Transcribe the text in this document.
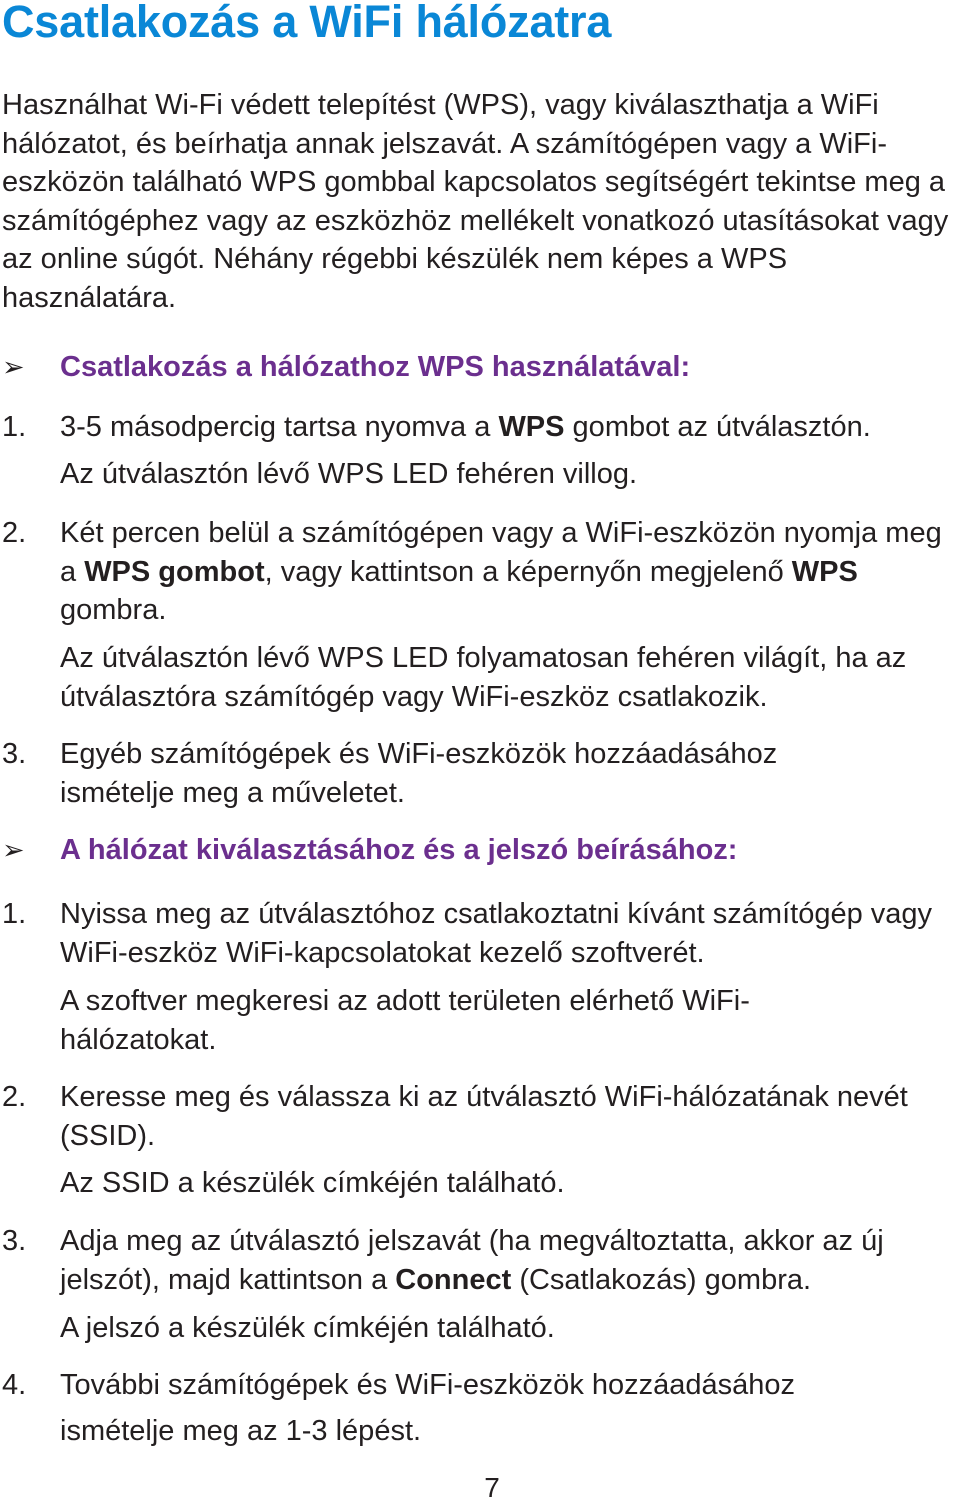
Csatlakozás a WiFi hálózatra

Használhat Wi-Fi védett telepítést (WPS), vagy kiválaszthatja a WiFi hálózatot, és beírhatja annak jelszavát. A számítógépen vagy a WiFi-eszközön található WPS gombbal kapcsolatos segítségért tekintse meg a számítógéphez vagy az eszközhöz mellékelt vonatkozó utasításokat vagy az online súgót. Néhány régebbi készülék nem képes a WPS használatára.

➢ Csatlakozás a hálózathoz WPS használatával:
1. 3-5 másodpercig tartsa nyomva a WPS gombot az útválasztón.

Az útválasztón lévő WPS LED fehéren villog.

2. Két percen belül a számítógépen vagy a WiFi-eszközön nyomja meg a WPS gombot, vagy kattintson a képernyőn megjelenő WPS gombra.

Az útválasztón lévő WPS LED folyamatosan fehéren világít, ha az útválasztóra számítógép vagy WiFi-eszköz csatlakozik.

3. Egyéb számítógépek és WiFi-eszközök hozzáadásához ismételje meg a műveletet.

➢ A hálózat kiválasztásához és a jelszó beírásához:
1. Nyissa meg az útválasztóhoz csatlakoztatni kívánt számítógép vagy WiFi-eszköz WiFi-kapcsolatokat kezelő szoftverét.

A szoftver megkeresi az adott területen elérhető WiFi-hálózatokat.

2. Keresse meg és válassza ki az útválasztó WiFi-hálózatának nevét (SSID).

Az SSID a készülék címkéjén található.

3. Adja meg az útválasztó jelszavát (ha megváltoztatta, akkor az új jelszót), majd kattintson a Connect (Csatlakozás) gombra.

A jelszó a készülék címkéjén található.

4. További számítógépek és WiFi-eszközök hozzáadásához
ismételje meg az 1-3 lépést.

7
